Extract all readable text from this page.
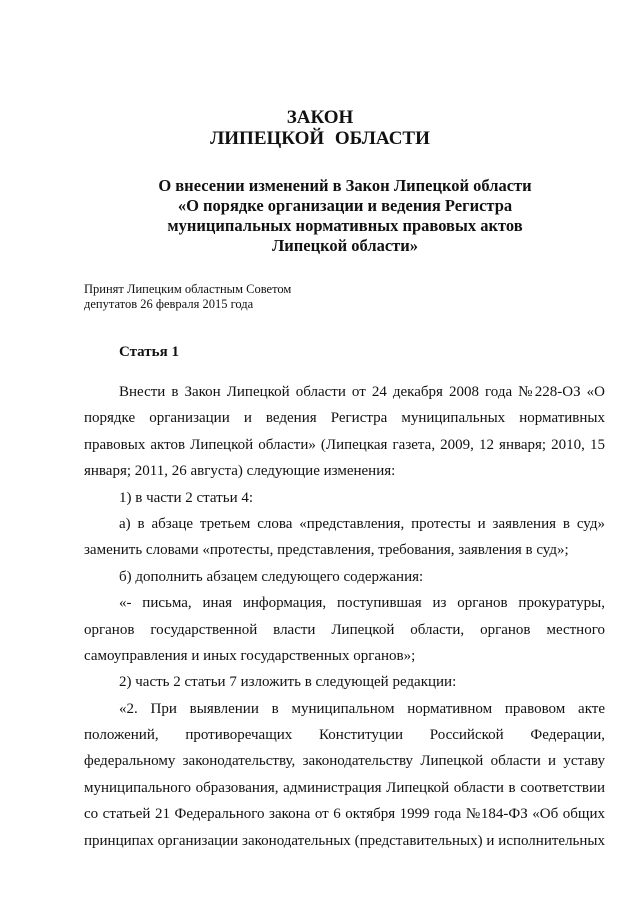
ЗАКОН
ЛИПЕЦКОЙ ОБЛАСТИ
О внесении изменений в Закон Липецкой области
«О порядке организации и ведения Регистра
муниципальных нормативных правовых актов
Липецкой области»
Принят Липецким областным Советом
депутатов 26 февраля 2015 года
Статья 1
Внести в Закон Липецкой области от 24 декабря 2008 года №228-ОЗ «О
порядке организации и ведения Регистра муниципальных нормативных
правовых актов Липецкой области» (Липецкая газета, 2009, 12 января; 2010, 15
января; 2011, 26 августа) следующие изменения:
1) в части 2 статьи 4:
а) в абзаце третьем слова «представления, протесты и заявления в суд»
заменить словами «протесты, представления, требования, заявления в суд»;
б) дополнить абзацем следующего содержания:
«- письма, иная информация, поступившая из органов прокуратуры,
органов государственной власти Липецкой области, органов местного
самоуправления и иных государственных органов»;
2) часть 2 статьи 7 изложить в следующей редакции:
«2. При выявлении в муниципальном нормативном правовом акте
положений, противоречащих Конституции Российской Федерации,
федеральному законодательству, законодательству Липецкой области и уставу
муниципального образования, администрация Липецкой области в соответствии
со статьей 21 Федерального закона от 6 октября 1999 года №184-ФЗ «Об общих
принципах организации законодательных (представительных) и исполнительных
